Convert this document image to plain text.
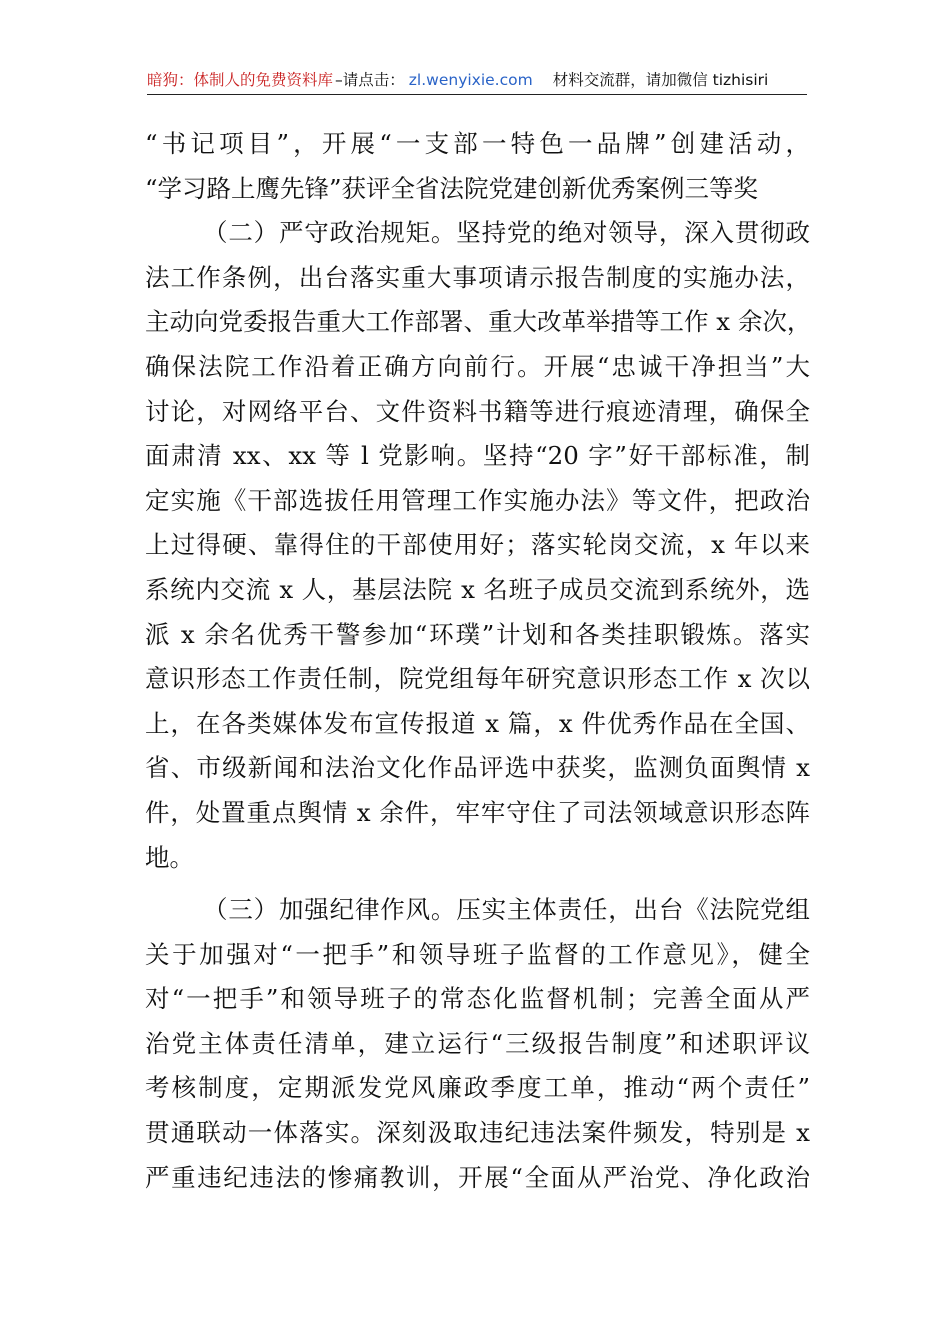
暗狗：体制人的免费资料库 –请点击： zl.wenyixie.com 材料交流群，请加微信 tizhisiri
“书记项目”，开展“一支部一特色一品牌”创建活动，
“学习路上鹰先锋”获评全省法院党建创新优秀案例三等奖
（二）严守政治规矩。坚持党的绝对领导，深入贯彻政
法工作条例，出台落实重大事项请示报告制度的实施办法，
主动向党委报告重大工作部署、重大改革举措等工作 x 余次，
确保法院工作沿着正确方向前行。开展“忠诚干净担当”大
讨论，对网络平台、文件资料书籍等进行痕迹清理，确保全
面肃清 xx、xx 等 l 党影响。坚持“20 字”好干部标准，制
定实施《干部选拔任用管理工作实施办法》等文件，把政治
上过得硬、靠得住的干部使用好；落实轮岗交流，x 年以来
系统内交流 x 人，基层法院 x 名班子成员交流到系统外，选
派 x 余名优秀干警参加“环璞”计划和各类挂职锻炼。落实
意识形态工作责任制，院党组每年研究意识形态工作 x 次以
上，在各类媒体发布宣传报道 x 篇，x 件优秀作品在全国、
省、市级新闻和法治文化作品评选中获奖，监测负面舆情 x
件，处置重点舆情 x 余件，牢牢守住了司法领域意识形态阵
地。
（三）加强纪律作风。压实主体责任，出台《法院党组
关于加强对“一把手”和领导班子监督的工作意见》，健全
对“一把手”和领导班子的常态化监督机制；完善全面从严
治党主体责任清单，建立运行“三级报告制度”和述职评议
考核制度，定期派发党风廉政季度工单，推动“两个责任”
贯通联动一体落实。深刻汲取违纪违法案件频发，特别是 x
严重违纪违法的惨痛教训，开展“全面从严治党、净化政治
